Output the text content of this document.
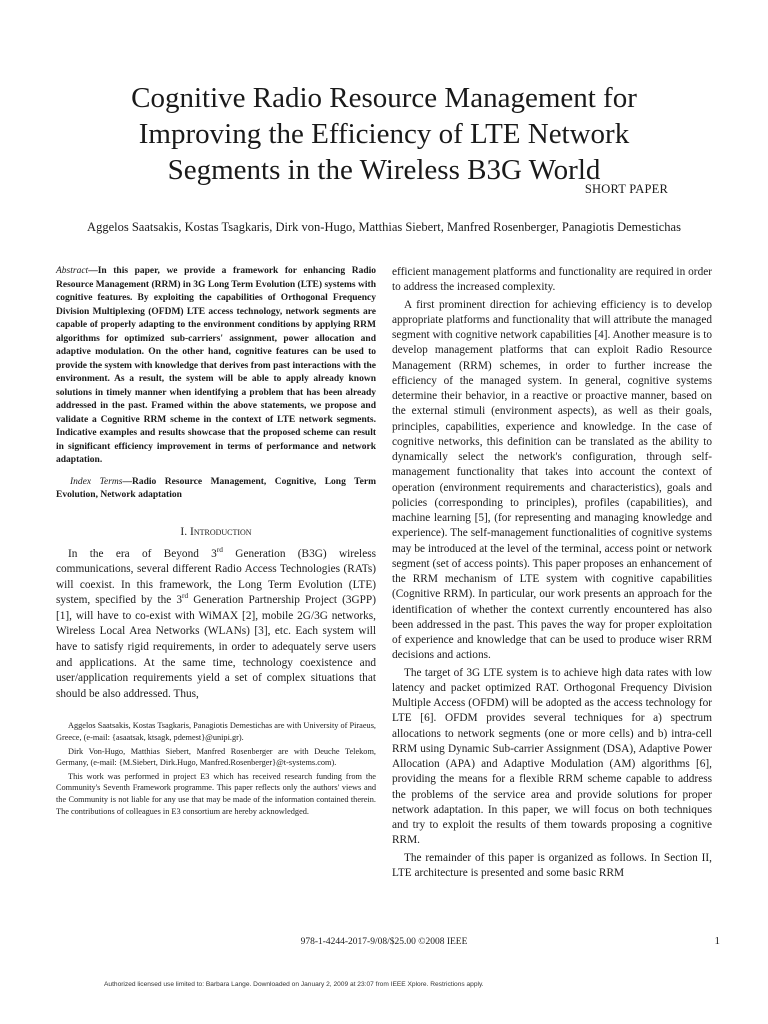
Cognitive Radio Resource Management for Improving the Efficiency of LTE Network Segments in the Wireless B3G World
SHORT PAPER

Aggelos Saatsakis, Kostas Tsagkaris, Dirk von-Hugo, Matthias Siebert, Manfred Rosenberger, Panagiotis Demestichas

Abstract—In this paper, we provide a framework for enhancing Radio Resource Management (RRM) in 3G Long Term Evolution (LTE) systems with cognitive features. By exploiting the capabilities of Orthogonal Frequency Division Multiplexing (OFDM) LTE access technology, network segments are capable of properly adapting to the environment conditions by applying RRM algorithms for optimized sub-carriers' assignment, power allocation and adaptive modulation. On the other hand, cognitive features can be used to provide the system with knowledge that derives from past interactions with the environment. As a result, the system will be able to apply already known solutions in timely manner when identifying a problem that has been already addressed in the past. Framed within the above statements, we propose and validate a Cognitive RRM scheme in the context of LTE network segments. Indicative examples and results showcase that the proposed scheme can result in significant efficiency improvement in terms of performance and network adaptation.

Index Terms—Radio Resource Management, Cognitive, Long Term Evolution, Network adaptation

I. Introduction

In the era of Beyond 3rd Generation (B3G) wireless communications, several different Radio Access Technologies (RATs) will coexist. In this framework, the Long Term Evolution (LTE) system, specified by the 3rd Generation Partnership Project (3GPP) [1], will have to co-exist with WiMAX [2], mobile 2G/3G networks, Wireless Local Area Networks (WLANs) [3], etc. Each system will have to satisfy rigid requirements, in order to adequately serve users and applications. At the same time, technology coexistence and user/application requirements yield a set of complex situations that should be also addressed. Thus,

Aggelos Saatsakis, Kostas Tsagkaris, Panagiotis Demestichas are with University of Piraeus, Greece, (e-mail: {asaatsak, ktsagk, pdemest}@unipi.gr).

Dirk Von-Hugo, Matthias Siebert, Manfred Rosenberger are with Deuche Telekom, Germany, (e-mail: {M.Siebert, Dirk.Hugo, Manfred.Rosenberger}@t-systems.com).

This work was performed in project E3 which has received research funding from the Community's Seventh Framework programme. This paper reflects only the authors' views and the Community is not liable for any use that may be made of the information contained therein. The contributions of colleagues in E3 consortium are hereby acknowledged.

efficient management platforms and functionality are required in order to address the increased complexity.

A first prominent direction for achieving efficiency is to develop appropriate platforms and functionality that will attribute the managed segment with cognitive network capabilities [4]. Another measure is to develop management platforms that can exploit Radio Resource Management (RRM) schemes, in order to further increase the efficiency of the managed system. In general, cognitive systems determine their behavior, in a reactive or proactive manner, based on the external stimuli (environment aspects), as well as their goals, principles, capabilities, experience and knowledge. In the case of cognitive networks, this definition can be translated as the ability to dynamically select the network's configuration, through self-management functionality that takes into account the context of operation (environment requirements and characteristics), goals and policies (corresponding to principles), profiles (capabilities), and machine learning [5], (for representing and managing knowledge and experience). The self-management functionalities of cognitive systems may be introduced at the level of the terminal, access point or network segment (set of access points). This paper proposes an enhancement of the RRM mechanism of LTE system with cognitive capabilities (Cognitive RRM). In particular, our work presents an approach for the identification of whether the context currently encountered has also been addressed in the past. This paves the way for proper exploitation of experience and knowledge that can be used to produce wiser RRM decisions and actions.

The target of 3G LTE system is to achieve high data rates with low latency and packet optimized RAT. Orthogonal Frequency Division Multiple Access (OFDM) will be adopted as the access technology for LTE [6]. OFDM provides several techniques for a) spectrum allocations to network segments (one or more cells) and b) intra-cell RRM using Dynamic Sub-carrier Assignment (DSA), Adaptive Power Allocation (APA) and Adaptive Modulation (AM) algorithms [6], providing the means for a flexible RRM scheme capable to address the problems of the service area and provide solutions for proper network adaptation. In this paper, we will focus on both techniques and try to exploit the results of them towards proposing a cognitive RRM.

The remainder of this paper is organized as follows. In Section II, LTE architecture is presented and some basic RRM

978-1-4244-2017-9/08/$25.00 ©2008 IEEE	1
Authorized licensed use limited to: Barbara Lange. Downloaded on January 2, 2009 at 23:07 from IEEE Xplore. Restrictions apply.
